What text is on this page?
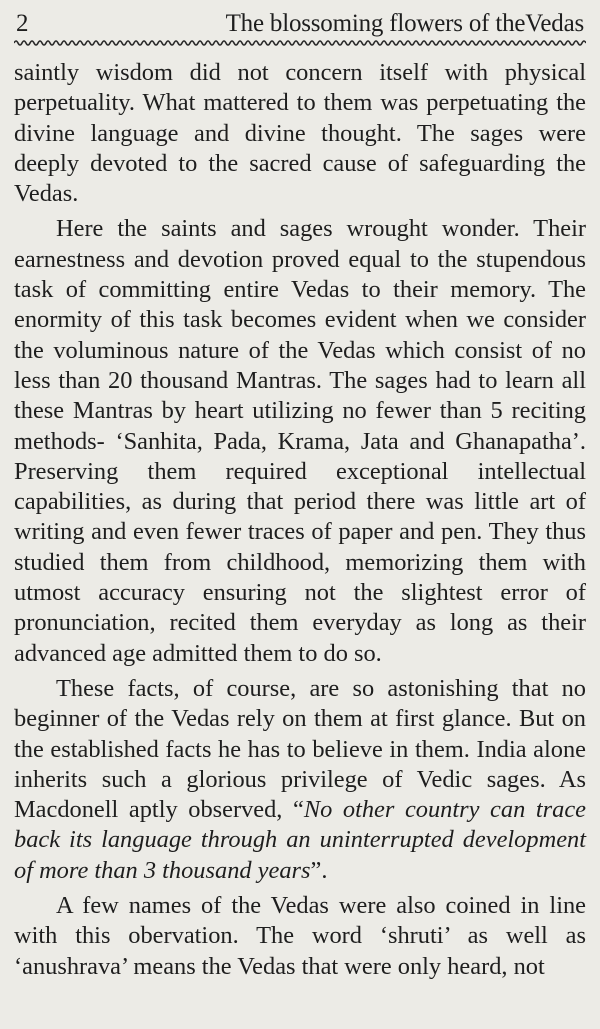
2	The blossoming flowers of theVedas

saintly wisdom did not concern itself with physical perpetuality. What mattered to them was perpetuating the divine language and divine thought. The sages were deeply devoted to the sacred cause of safeguarding the Vedas.

Here the saints and sages wrought wonder. Their earnestness and devotion proved equal to the stupendous task of committing entire Vedas to their memory. The enormity of this task becomes evident when we consider the voluminous nature of the Vedas which consist of no less than 20 thousand Mantras. The sages had to learn all these Mantras by heart utilizing no fewer than 5 reciting methods- ‘Sanhita, Pada, Krama, Jata and Ghanapatha’. Preserving them required exceptional intellectual capabilities, as during that period there was little art of writing and even fewer traces of paper and pen. They thus studied them from childhood, memorizing them with utmost accuracy ensuring not the slightest error of pronunciation, recited them everyday as long as their advanced age admitted them to do so.

These facts, of course, are so astonishing that no beginner of the Vedas rely on them at first glance. But on the established facts he has to believe in them. India alone inherits such a glorious privilege of Vedic sages. As Macdonell aptly observed, “No other country can trace back its language through an uninterrupted development of more than 3 thousand years”.

A few names of the Vedas were also coined in line with this obervation. The word ‘shruti’ as well as ‘anushrava’ means the Vedas that were only heard, not
